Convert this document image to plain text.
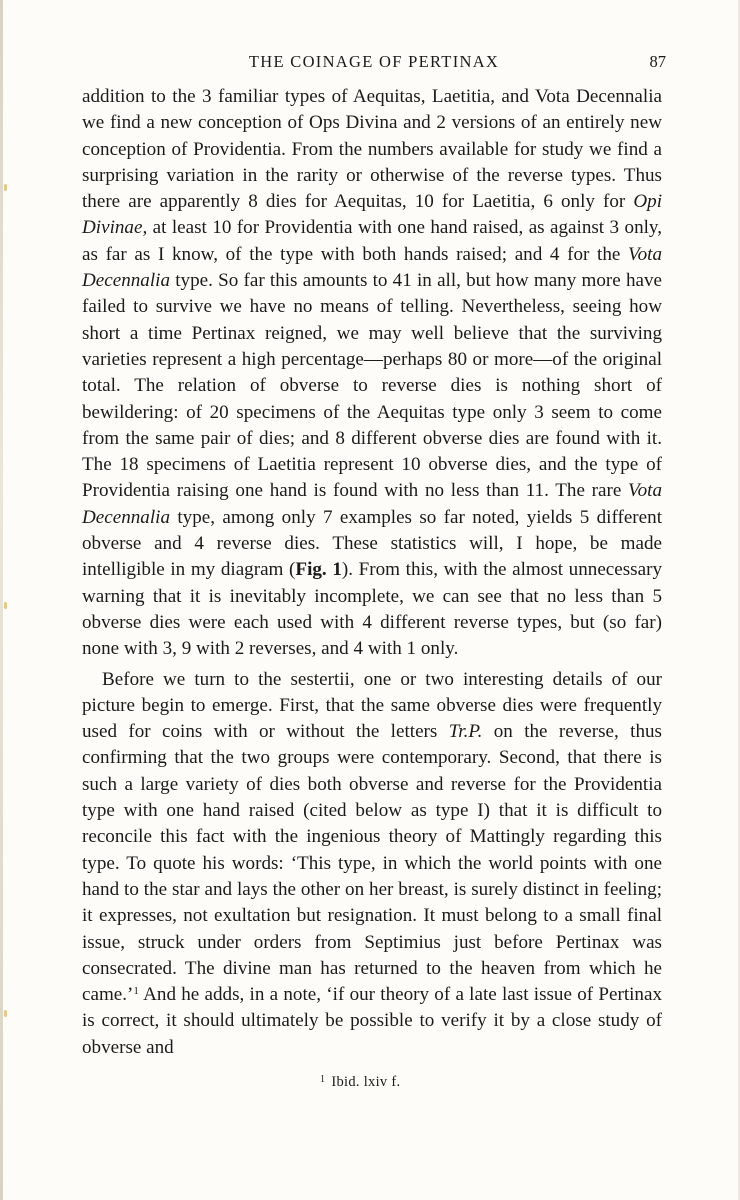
THE COINAGE OF PERTINAX	87

addition to the 3 familiar types of Aequitas, Laetitia, and Vota Decennalia we find a new conception of Ops Divina and 2 versions of an entirely new conception of Providentia. From the numbers available for study we find a surprising variation in the rarity or otherwise of the reverse types. Thus there are apparently 8 dies for Aequitas, 10 for Laetitia, 6 only for Opi Divinae, at least 10 for Providentia with one hand raised, as against 3 only, as far as I know, of the type with both hands raised; and 4 for the Vota Decennalia type. So far this amounts to 41 in all, but how many more have failed to survive we have no means of telling. Nevertheless, seeing how short a time Pertinax reigned, we may well believe that the surviving varieties represent a high percentage—perhaps 80 or more—of the original total. The relation of obverse to reverse dies is nothing short of bewildering: of 20 specimens of the Aequitas type only 3 seem to come from the same pair of dies; and 8 different obverse dies are found with it. The 18 specimens of Laetitia represent 10 obverse dies, and the type of Providentia raising one hand is found with no less than 11. The rare Vota Decennalia type, among only 7 examples so far noted, yields 5 different obverse and 4 reverse dies. These statistics will, I hope, be made intelligible in my diagram (Fig. 1). From this, with the almost unnecessary warning that it is inevitably incomplete, we can see that no less than 5 obverse dies were each used with 4 different reverse types, but (so far) none with 3, 9 with 2 reverses, and 4 with 1 only.

Before we turn to the sestertii, one or two interesting details of our picture begin to emerge. First, that the same obverse dies were frequently used for coins with or without the letters Tr.P. on the reverse, thus confirming that the two groups were contemporary. Second, that there is such a large variety of dies both obverse and reverse for the Providentia type with one hand raised (cited below as type I) that it is difficult to reconcile this fact with the ingenious theory of Mattingly regarding this type. To quote his words: ‘This type, in which the world points with one hand to the star and lays the other on her breast, is surely distinct in feeling; it expresses, not exultation but resignation. It must belong to a small final issue, struck under orders from Septimius just before Pertinax was consecrated. The divine man has returned to the heaven from which he came.’$^1$ And he adds, in a note, ‘if our theory of a late last issue of Pertinax is correct, it should ultimately be possible to verify it by a close study of obverse and

$^1$ Ibid. lxiv f.
